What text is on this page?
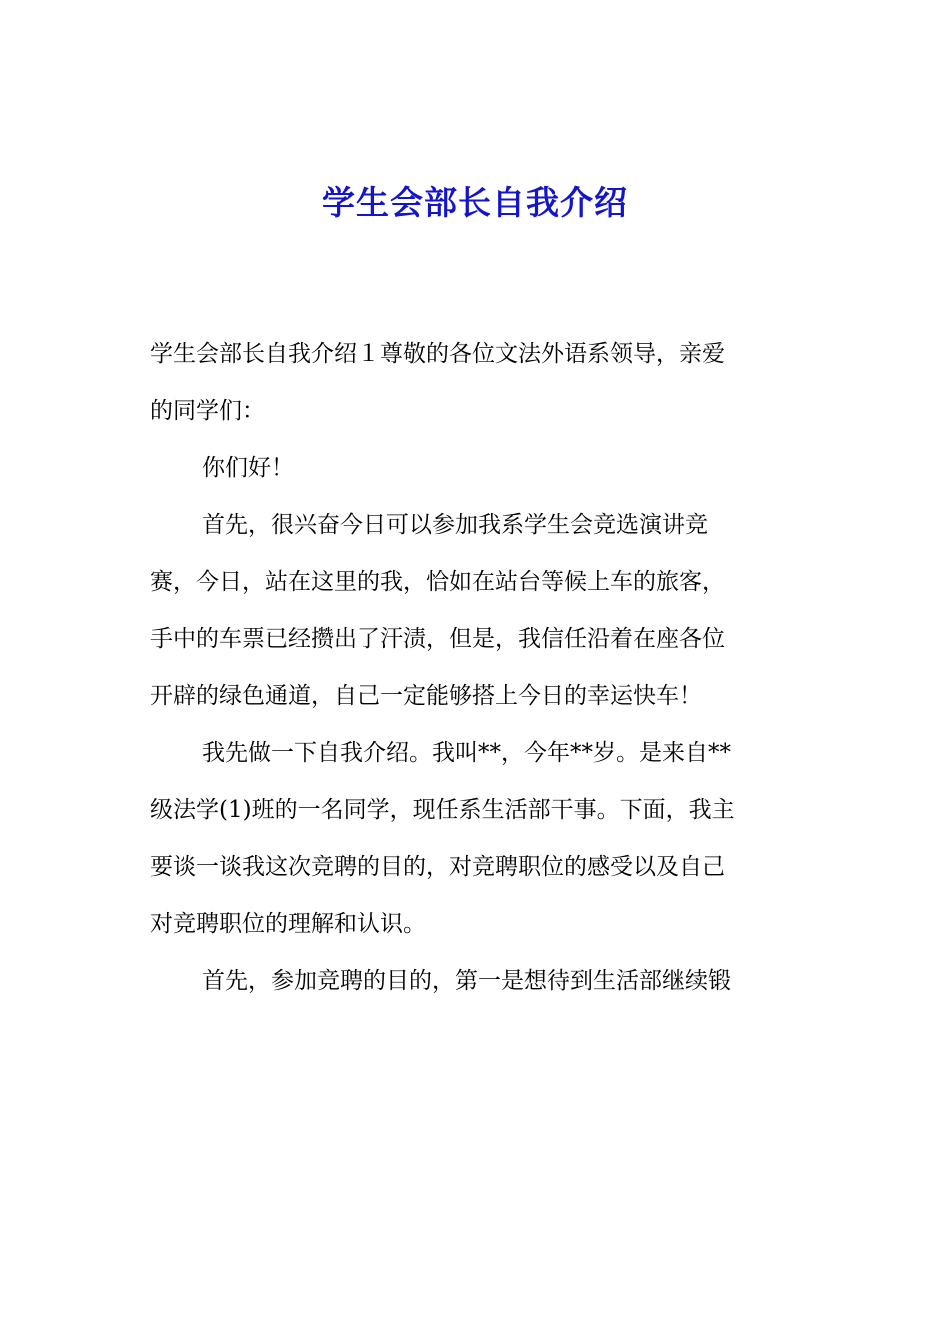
学生会部长自我介绍

学生会部长自我介绍１尊敬的各位文法外语系领导，亲爱

的同学们：

你们好！

首先，很兴奋今日可以参加我系学生会竞选演讲竞

赛，今日，站在这里的我，恰如在站台等候上车的旅客，

手中的车票已经攒出了汗渍，但是，我信任沿着在座各位

开辟的绿色通道，自己一定能够搭上今日的幸运快车！

我先做一下自我介绍。我叫**，今年**岁。是来自**

级法学(1)班的一名同学，现任系生活部干事。下面，我主

要谈一谈我这次竞聘的目的，对竞聘职位的感受以及自己

对竞聘职位的理解和认识。

首先，参加竞聘的目的，第一是想待到生活部继续锻
